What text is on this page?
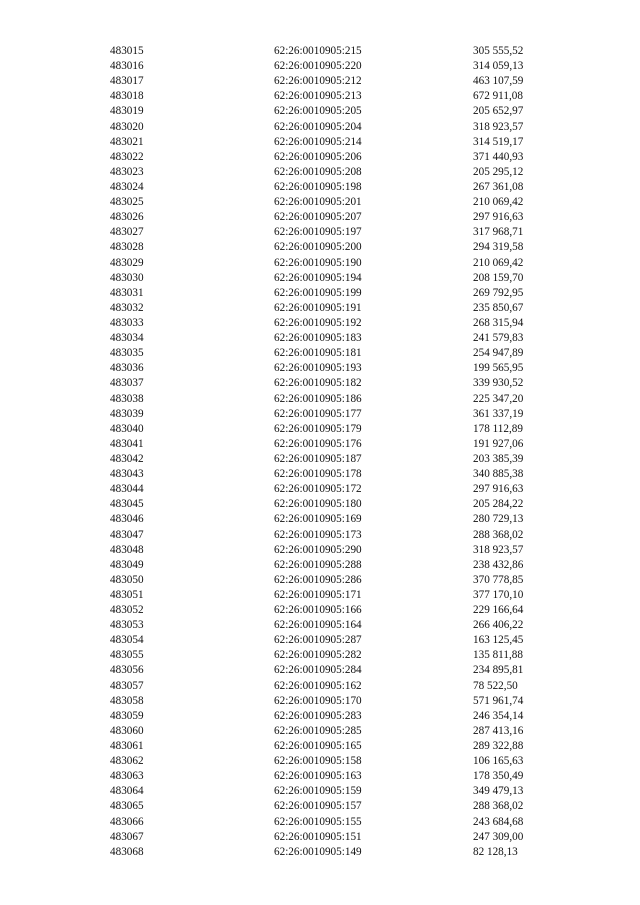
483015	62:26:0010905:215	305 555,52
483016	62:26:0010905:220	314 059,13
483017	62:26:0010905:212	463 107,59
483018	62:26:0010905:213	672 911,08
483019	62:26:0010905:205	205 652,97
483020	62:26:0010905:204	318 923,57
483021	62:26:0010905:214	314 519,17
483022	62:26:0010905:206	371 440,93
483023	62:26:0010905:208	205 295,12
483024	62:26:0010905:198	267 361,08
483025	62:26:0010905:201	210 069,42
483026	62:26:0010905:207	297 916,63
483027	62:26:0010905:197	317 968,71
483028	62:26:0010905:200	294 319,58
483029	62:26:0010905:190	210 069,42
483030	62:26:0010905:194	208 159,70
483031	62:26:0010905:199	269 792,95
483032	62:26:0010905:191	235 850,67
483033	62:26:0010905:192	268 315,94
483034	62:26:0010905:183	241 579,83
483035	62:26:0010905:181	254 947,89
483036	62:26:0010905:193	199 565,95
483037	62:26:0010905:182	339 930,52
483038	62:26:0010905:186	225 347,20
483039	62:26:0010905:177	361 337,19
483040	62:26:0010905:179	178 112,89
483041	62:26:0010905:176	191 927,06
483042	62:26:0010905:187	203 385,39
483043	62:26:0010905:178	340 885,38
483044	62:26:0010905:172	297 916,63
483045	62:26:0010905:180	205 284,22
483046	62:26:0010905:169	280 729,13
483047	62:26:0010905:173	288 368,02
483048	62:26:0010905:290	318 923,57
483049	62:26:0010905:288	238 432,86
483050	62:26:0010905:286	370 778,85
483051	62:26:0010905:171	377 170,10
483052	62:26:0010905:166	229 166,64
483053	62:26:0010905:164	266 406,22
483054	62:26:0010905:287	163 125,45
483055	62:26:0010905:282	135 811,88
483056	62:26:0010905:284	234 895,81
483057	62:26:0010905:162	78 522,50
483058	62:26:0010905:170	571 961,74
483059	62:26:0010905:283	246 354,14
483060	62:26:0010905:285	287 413,16
483061	62:26:0010905:165	289 322,88
483062	62:26:0010905:158	106 165,63
483063	62:26:0010905:163	178 350,49
483064	62:26:0010905:159	349 479,13
483065	62:26:0010905:157	288 368,02
483066	62:26:0010905:155	243 684,68
483067	62:26:0010905:151	247 309,00
483068	62:26:0010905:149	82 128,13
